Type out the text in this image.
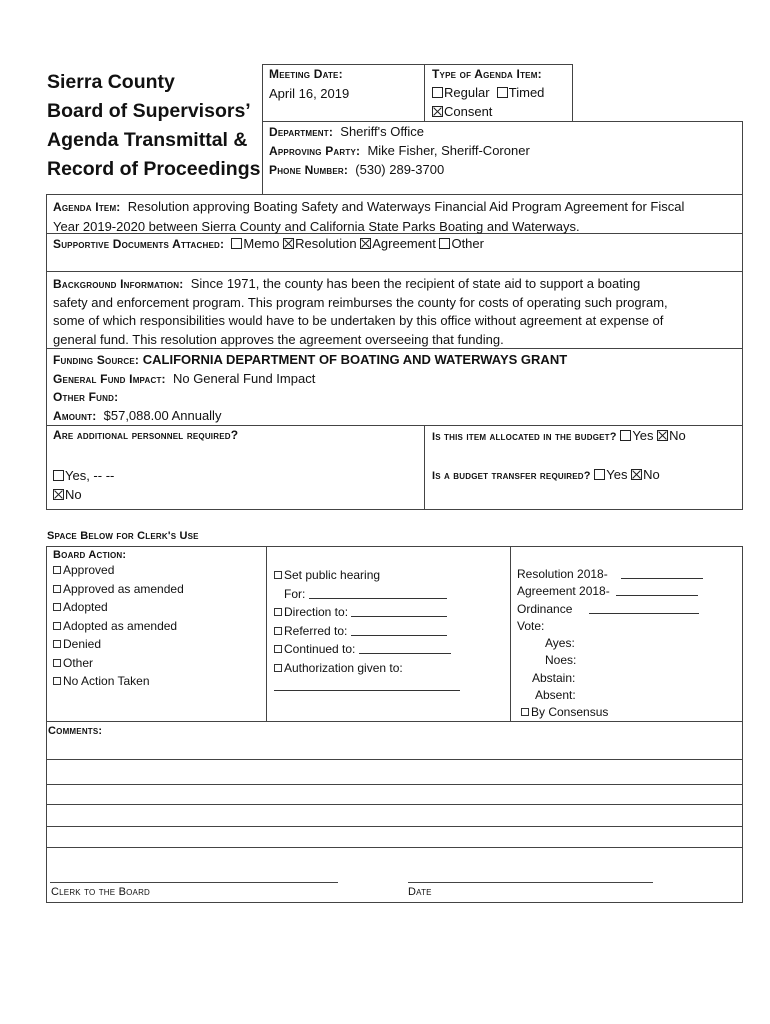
Sierra County
Board of Supervisors’
Agenda Transmittal &
Record of Proceedings
Meeting Date:
April 16, 2019
Type of Agenda Item:
Regular Timed
Consent
Department: Sheriff's Office
Approving Party: Mike Fisher, Sheriff-Coroner
Phone Number: (530) 289-3700
Agenda Item: Resolution approving Boating Safety and Waterways Financial Aid Program Agreement for Fiscal
Year 2019-2020 between Sierra County and California State Parks Boating and Waterways.
Supportive Documents Attached: Memo Resolution Agreement Other
Background Information: Since 1971, the county has been the recipient of state aid to support a boating
safety and enforcement program. This program reimburses the county for costs of operating such program,
some of which responsibilities would have to be undertaken by this office without agreement at expense of
general fund. This resolution approves the agreement overseeing that funding.
Funding Source: CALIFORNIA DEPARTMENT OF BOATING AND WATERWAYS GRANT
General Fund Impact: No General Fund Impact
Other Fund:
Amount: $57,088.00 Annually
Are additional personnel required?
Yes, -- --
No
Is this item allocated in the budget? Yes No
Is a budget transfer required? Yes No
Space Below for Clerk's Use
Board Action:
Approved
Approved as amended
Adopted
Adopted as amended
Denied
Other
No Action Taken
Set public hearing
For:
Direction to:
Referred to:
Continued to:
Authorization given to:
Resolution 2018-
Agreement 2018-
Ordinance
Vote:
Ayes:
Noes:
Abstain:
Absent:
By Consensus
Comments:
Clerk to the Board	Date
